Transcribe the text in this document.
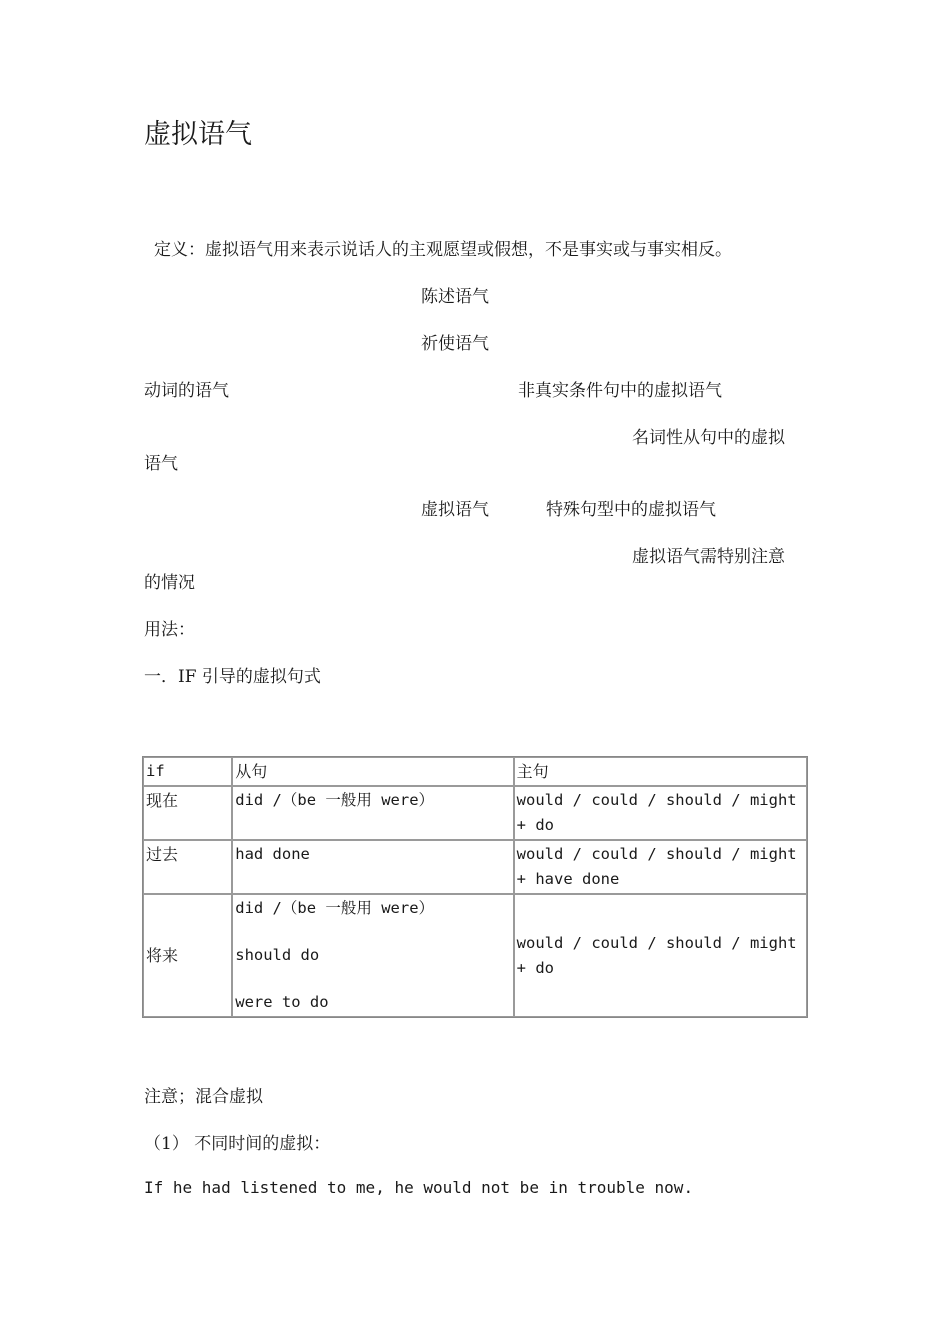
虚拟语气
定义：虚拟语气用来表示说话人的主观愿望或假想，不是事实或与事实相反。
陈述语气
祈使语气
动词的语气	非真实条件句中的虚拟语气
名词性从句中的虚拟
语气
虚拟语气	特殊句型中的虚拟语气
虚拟语气需特别注意
的情况
用法：
一．IF 引导的虚拟句式
if	从句	主句
现在	did /（be 一般用 were）	would / could / should / might + do
过去	had done	would / could / should / might + have done
将来	did /（be 一般用 were）
should do
were to do	would / could / should / might + do
注意；混合虚拟
（1） 不同时间的虚拟：
If he had listened to me, he would not be in trouble now.
